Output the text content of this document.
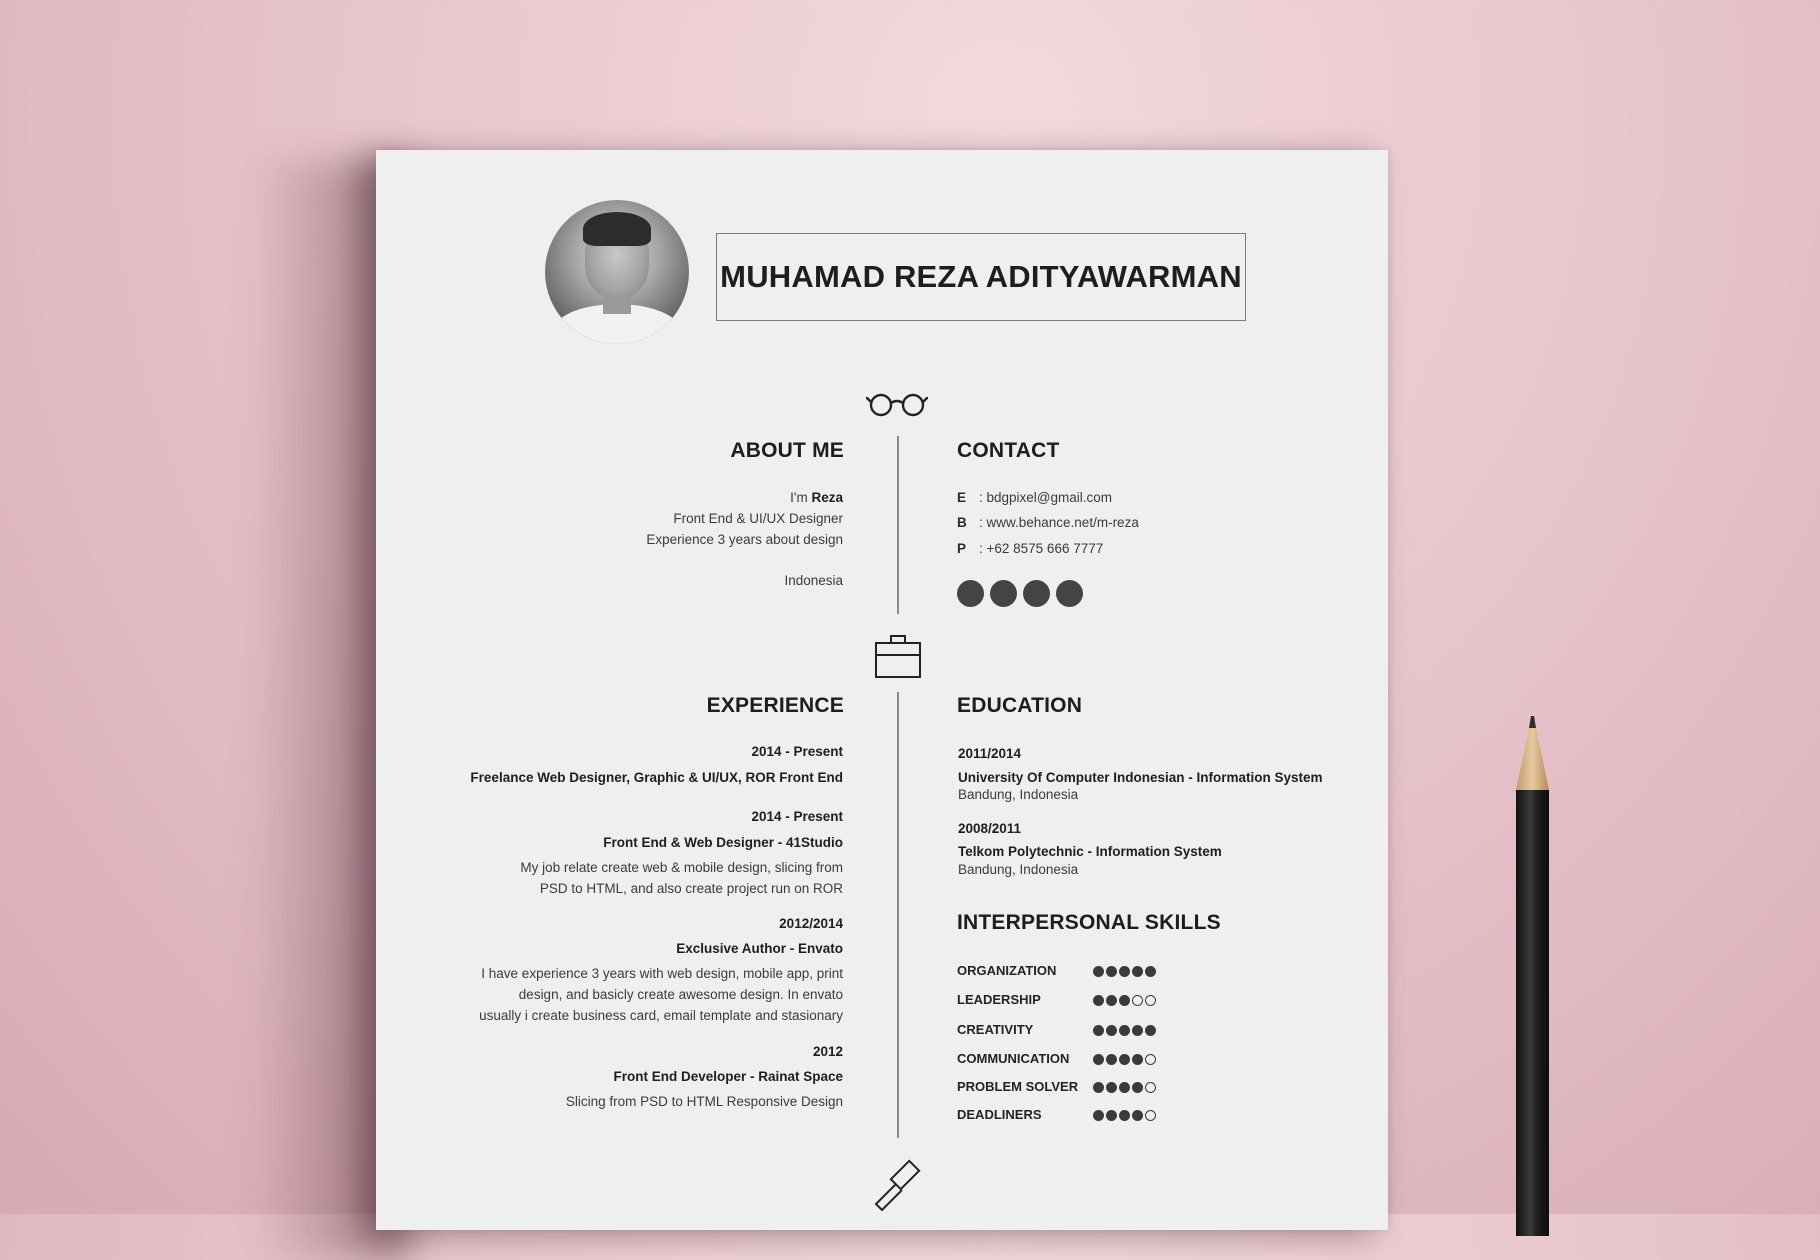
MUHAMAD REZA ADITYAWARMAN
ABOUT ME
I'm Reza
Front End & UI/UX Designer
Experience 3 years about design
Indonesia
CONTACT
E : bdgpixel@gmail.com
B : www.behance.net/m-reza
P : +62 8575 666 7777
EXPERIENCE
2014 - Present
Freelance Web Designer, Graphic & UI/UX, ROR Front End
2014 - Present
Front End & Web Designer - 41Studio
My job relate create web & mobile design, slicing from
PSD to HTML, and also create project run on ROR
2012/2014
Exclusive Author - Envato
I have experience 3 years with web design, mobile app, print
design, and basicly create awesome design. In envato
usually i create business card, email template and stasionary
2012
Front End Developer - Rainat Space
Slicing from PSD to HTML Responsive Design
EDUCATION
2011/2014
University Of Computer Indonesian - Information System
Bandung, Indonesia
2008/2011
Telkom Polytechnic - Information System
Bandung, Indonesia
INTERPERSONAL SKILLS
ORGANIZATION
LEADERSHIP
CREATIVITY
COMMUNICATION
PROBLEM SOLVER
DEADLINERS
